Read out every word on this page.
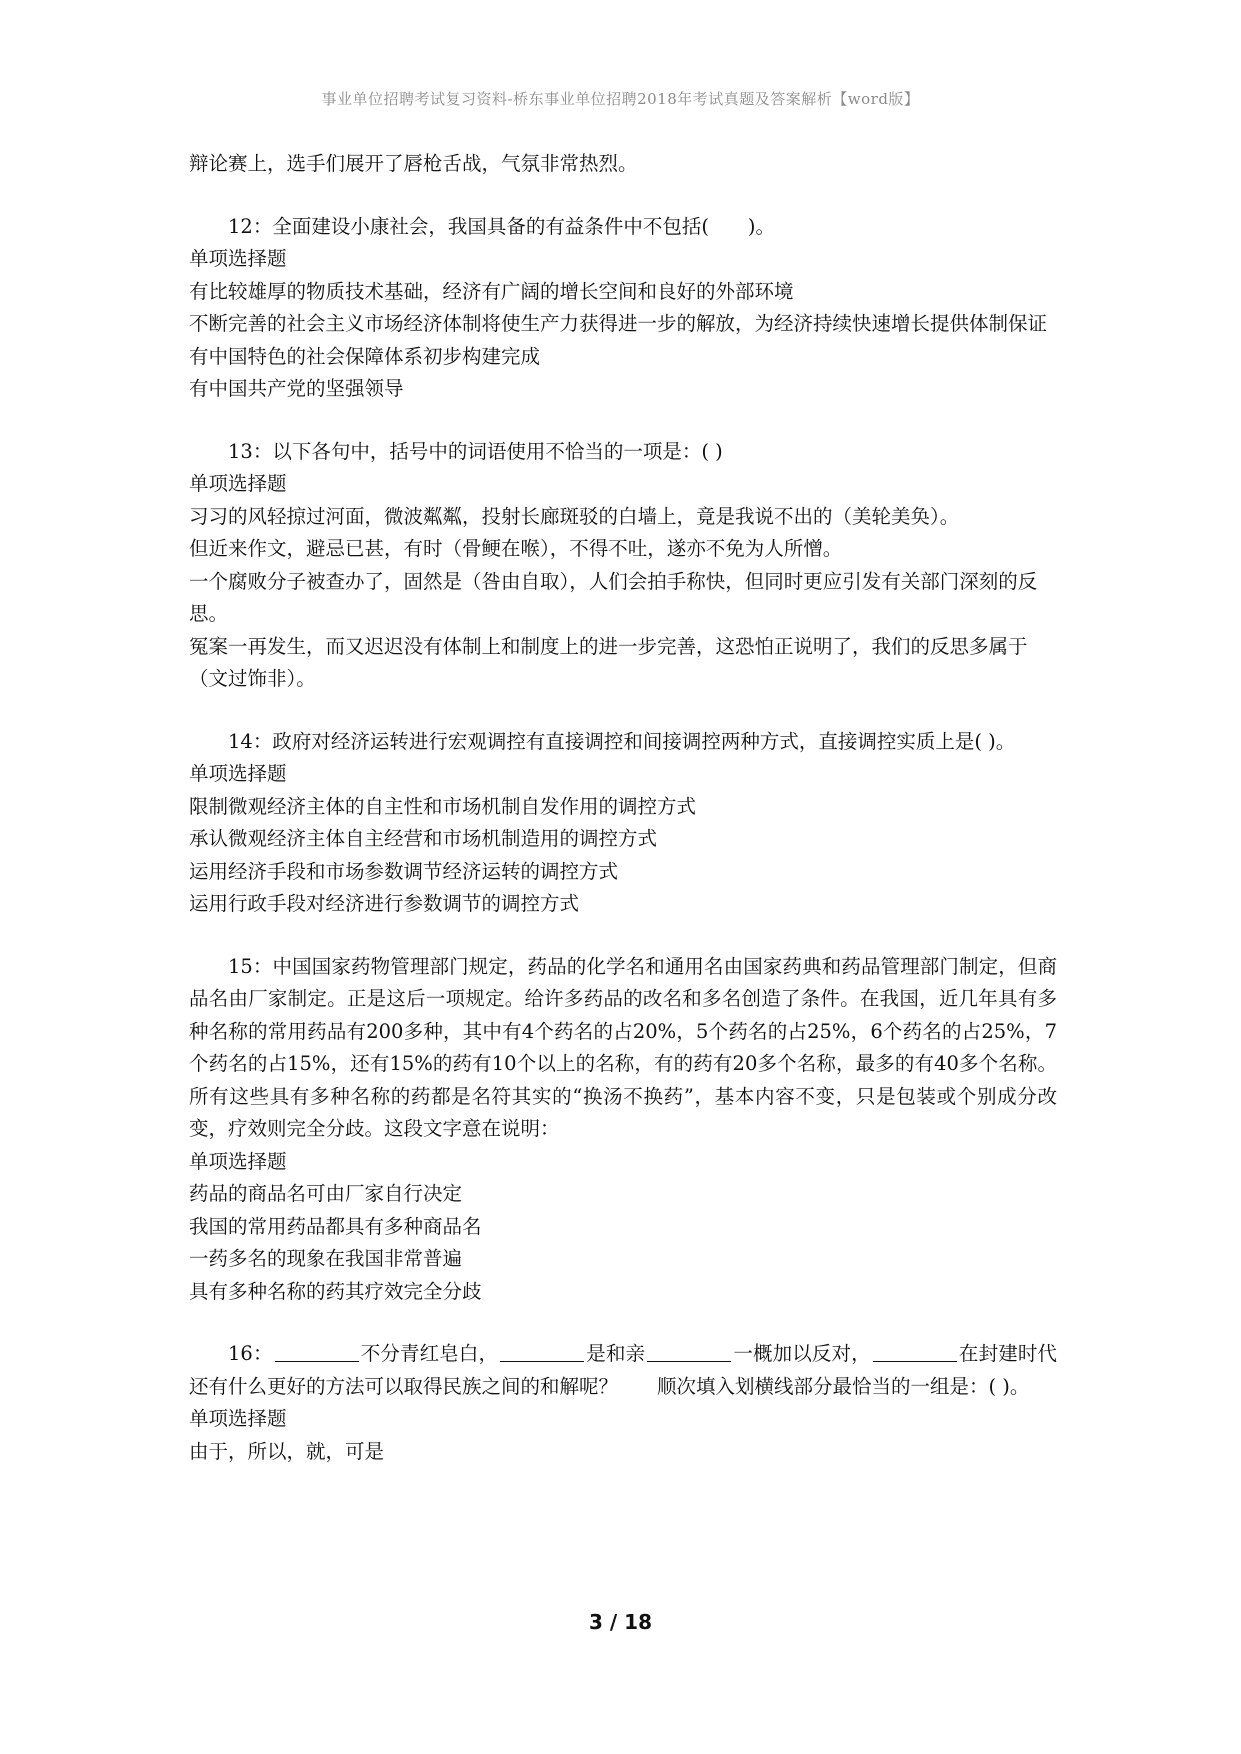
事业单位招聘考试复习资料-桥东事业单位招聘2018年考试真题及答案解析【word版】

辩论赛上，选手们展开了唇枪舌战，气氛非常热烈。

12：全面建设小康社会，我国具备的有益条件中不包括(　　)。

单项选择题

有比较雄厚的物质技术基础，经济有广阔的增长空间和良好的外部环境

不断完善的社会主义市场经济体制将使生产力获得进一步的解放，为经济持续快速增长提供体制保证

有中国特色的社会保障体系初步构建完成

有中国共产党的坚强领导

13：以下各句中，括号中的词语使用不恰当的一项是：( )

单项选择题

习习的风轻掠过河面，微波粼粼，投射长廊斑驳的白墙上，竟是我说不出的（美轮美奂）。

但近来作文，避忌已甚，有时（骨鲠在喉），不得不吐，遂亦不免为人所憎。

一个腐败分子被查办了，固然是（咎由自取），人们会拍手称快，但同时更应引发有关部门深刻的反思。

冤案一再发生，而又迟迟没有体制上和制度上的进一步完善，这恐怕正说明了，我们的反思多属于（文过饰非）。

14：政府对经济运转进行宏观调控有直接调控和间接调控两种方式，直接调控实质上是( )。

单项选择题

限制微观经济主体的自主性和市场机制自发作用的调控方式

承认微观经济主体自主经营和市场机制造用的调控方式

运用经济手段和市场参数调节经济运转的调控方式

运用行政手段对经济进行参数调节的调控方式

15：中国国家药物管理部门规定，药品的化学名和通用名由国家药典和药品管理部门制定，但商品名由厂家制定。正是这后一项规定。给许多药品的改名和多名创造了条件。在我国，近几年具有多种名称的常用药品有200多种，其中有4个药名的占20%，5个药名的占25%，6个药名的占25%，7个药名的占15%，还有15%的药有10个以上的名称，有的药有20多个名称，最多的有40多个名称。所有这些具有多种名称的药都是名符其实的“换汤不换药”，基本内容不变，只是包装或个别成分改变，疗效则完全分歧。这段文字意在说明：

单项选择题

药品的商品名可由厂家自行决定

我国的常用药品都具有多种商品名

一药多名的现象在我国非常普遍

具有多种名称的药其疗效完全分歧

16：	不分青红皂白，	是和亲	一概加以反对，	在封建时代还有什么更好的方法可以取得民族之间的和解呢？　　顺次填入划横线部分最恰当的一组是：( )。

单项选择题

由于，所以，就，可是

3 / 18
